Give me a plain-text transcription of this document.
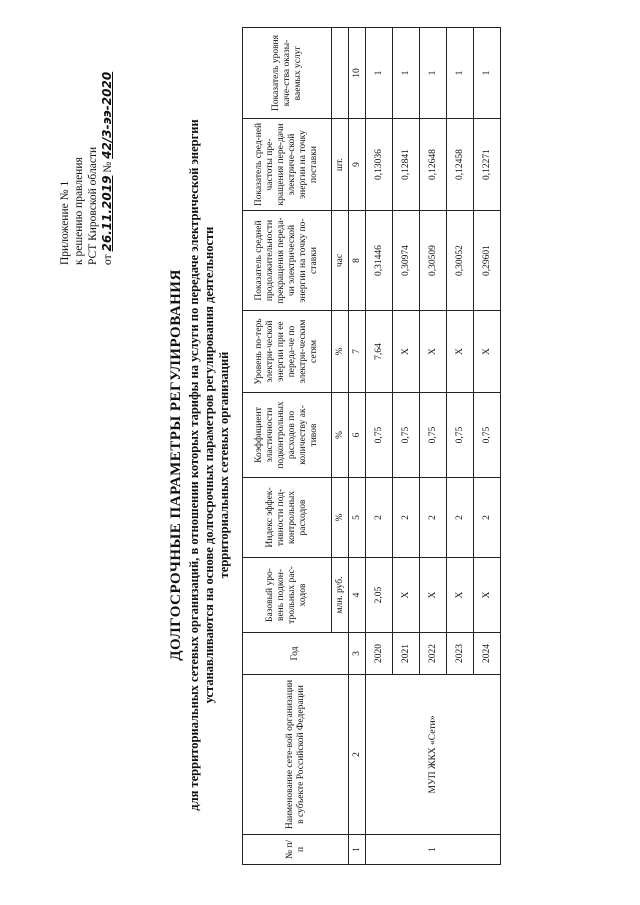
Приложение № 1 к решению правления РСТ Кировской области от 26.11.2019 № 42/3-ээ-2020
ДОЛГОСРОЧНЫЕ ПАРАМЕТРЫ РЕГУЛИРОВАНИЯ для территориальных сетевых организаций, в отношении которых тарифы на услуги по передаче электрической энергии устанавливаются на основе долгосрочных параметров регулирования деятельности территориальных сетевых организаций
№ п/п	Наименование сете-вой организации в субъекте Российской Федерации	Год	Базовый уро-вень подкон-трольных рас-ходов	Индекс эффек-тивности под-контрольных расходов	Коэффициент эластичности подконтрольных расходов по количеству ак-тивов	Уровень по-терь электри-ческой энергии при ее переда-че по электри-ческим сетям	Показатель средней продолжительности прекращения переда-чи электрической энергии на точку по-ставки	Показатель сред-ней частоты пре-кращения пере-дачи электриче-ской энергии на точку поставки	Показатель уровня каче-ства оказы-ваемых услуг
			млн. руб.	%	%	%	час	шт.	
1	2	3	4	5	6	7	8	9	10
1	МУП ЖКХ «Сети»	2020	2,05	2	0,75	7,64	0,31446	0,13036	1
		2021	X	2	0,75	X	0,30974	0,12841	1
		2022	X	2	0,75	X	0,30509	0,12648	1
		2023	X	2	0,75	X	0,30052	0,12458	1
		2024	X	2	0,75	X	0,29601	0,12271	1
